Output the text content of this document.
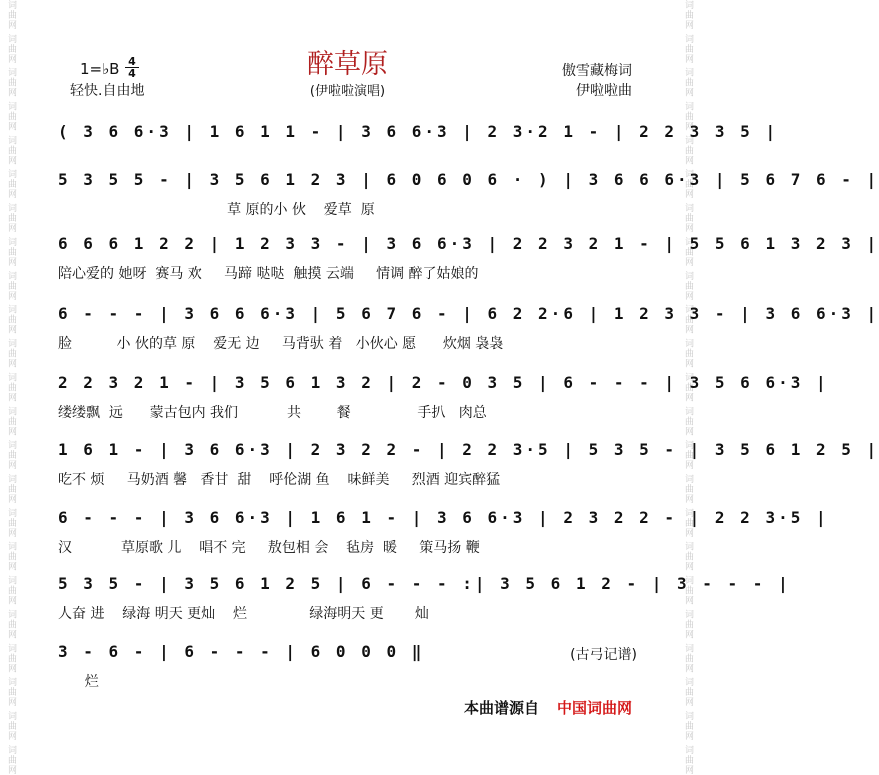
词曲网 词曲网 词曲网 词曲网 词曲网 词曲网 词曲网 词曲网 词曲网 词曲网 词曲网 词曲网 词曲网 词曲网 词曲网 词曲网 词曲网 词曲网 词曲网 词曲网 词曲网 词曲网 词曲网	词曲网 词曲网 词曲网 词曲网 词曲网 词曲网 词曲网 词曲网 词曲网 词曲网 词曲网 词曲网 词曲网 词曲网 词曲网 词曲网 词曲网 词曲网 词曲网 词曲网 词曲网 词曲网 词曲网
1=♭B 4
4
轻快.自由地
醉草原
(伊啦啦演唱)
傲雪藏梅词
伊啦啦曲
( 3 6 6·3 | 1 6 1 1 - | 3 6 6·3 | 2 3·2 1 - | 2 2 3 3 5 |
5 3 5 5 - | 3 5 6 1 2 3 | 6 0 6 0 6 · ) | 3 6 6 6·3 | 5 6 7 6 - |
草 原的小 伙    爱草  原
6 6 6 1 2 2 | 1 2 3 3 - | 3 6 6·3 | 2 2 3 2 1 - | 5 5 6 1 3 2 3 |
陪心爱的 她呀  赛马 欢     马蹄 哒哒  触摸 云端     情调 醉了姑娘的
6 - - - | 3 6 6 6·3 | 5 6 7 6 - | 6 2 2·6 | 1 2 3 3 - | 3 6 6·3 |
脸          小 伙的草 原    爱无 边     马背驮 着   小伙心 愿      炊烟 袅袅
2 2 3 2 1 - | 3 5 6 1 3 2 | 2 - 0 3 5 | 6 - - - | 3 5 6 6·3 |
缕缕飘  远      蒙古包内 我们           共        餐               手扒   肉总
1 6 1 - | 3 6 6·3 | 2 3 2 2 - | 2 2 3·5 | 5 3 5 - | 3 5 6 1 2 5 |
吃不 烦     马奶酒 馨   香甘  甜    呼伦湖 鱼    味鲜美     烈酒 迎宾醉猛
6 - - - | 3 6 6·3 | 1 6 1 - | 3 6 6·3 | 2 3 2 2 - | 2 2 3·5 |
汉           草原歌 儿    唱不 完     敖包相 会    毡房  暖     策马扬 鞭
5 3 5 - | 3 5 6 1 2 5 | 6 - - - :| 3 5 6 1 2 - | 3 - - - |
人奋 进    绿海 明天 更灿    烂              绿海明天 更       灿
3 - 6 - | 6 - - - | 6 0 0 0 ‖
烂
(古弓记谱)
本曲谱源自 中国词曲网
